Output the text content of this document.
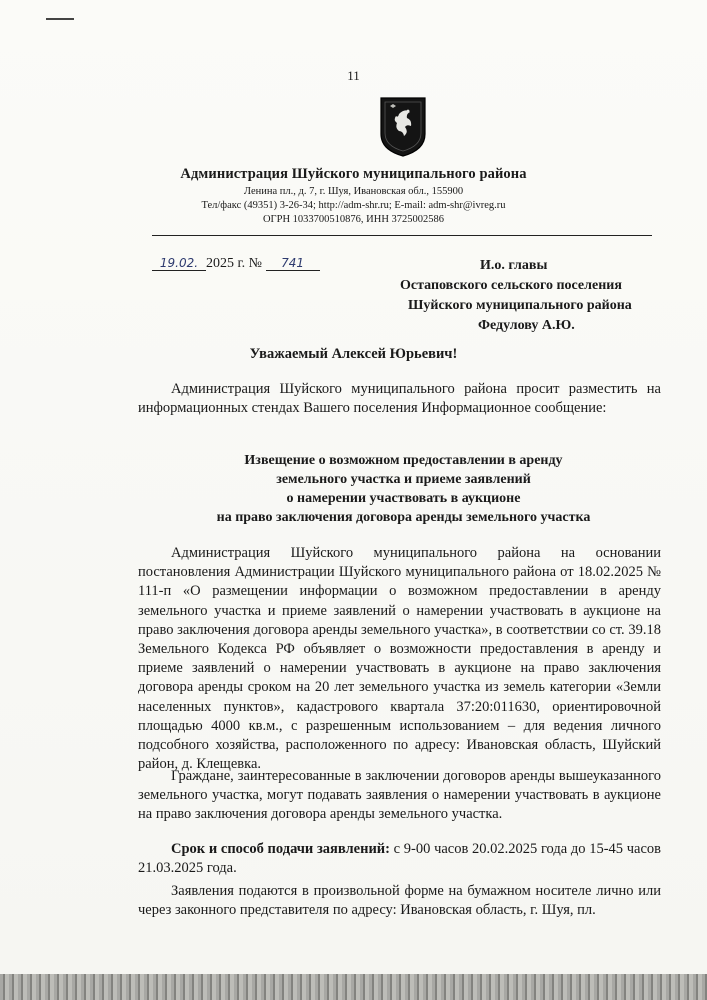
11
Администрация Шуйского муниципального района
Ленина пл., д. 7, г. Шуя, Ивановская обл., 155900
Тел/факс (49351) 3-26-34; http://adm-shr.ru; E-mail: adm-shr@ivreg.ru
ОГРН 1033700510876, ИНН 3725002586
19.02. 2025 г. № 741	И.о. главы
Остаповского сельского поселения
Шуйского муниципального района
Федулову А.Ю.
Уважаемый Алексей Юрьевич!
Администрация Шуйского муниципального района просит разместить на информационных стендах Вашего поселения Информационное сообщение:
Извещение о возможном предоставлении в аренду
земельного участка и приеме заявлений
о намерении участвовать в аукционе
на право заключения договора аренды земельного участка
Администрация Шуйского муниципального района на основании постановления Администрации Шуйского муниципального района от 18.02.2025 № 111-п «О размещении информации о возможном предоставлении в аренду земельного участка и приеме заявлений о намерении участвовать в аукционе на право заключения договора аренды земельного участка», в соответствии со ст. 39.18 Земельного Кодекса РФ объявляет о возможности предоставления в аренду и приеме заявлений о намерении участвовать в аукционе на право заключения договора аренды сроком на 20 лет земельного участка из земель категории «Земли населенных пунктов», кадастрового квартала 37:20:011630, ориентировочной площадью 4000 кв.м., с разрешенным использованием – для ведения личного подсобного хозяйства, расположенного по адресу: Ивановская область, Шуйский район, д. Клещевка.
Граждане, заинтересованные в заключении договоров аренды вышеуказанного земельного участка, могут подавать заявления о намерении участвовать в аукционе на право заключения договора аренды земельного участка.
Срок и способ подачи заявлений: с 9-00 часов 20.02.2025 года до 15-45 часов 21.03.2025 года.
Заявления подаются в произвольной форме на бумажном носителе лично или через законного представителя по адресу: Ивановская область, г. Шуя, пл.
